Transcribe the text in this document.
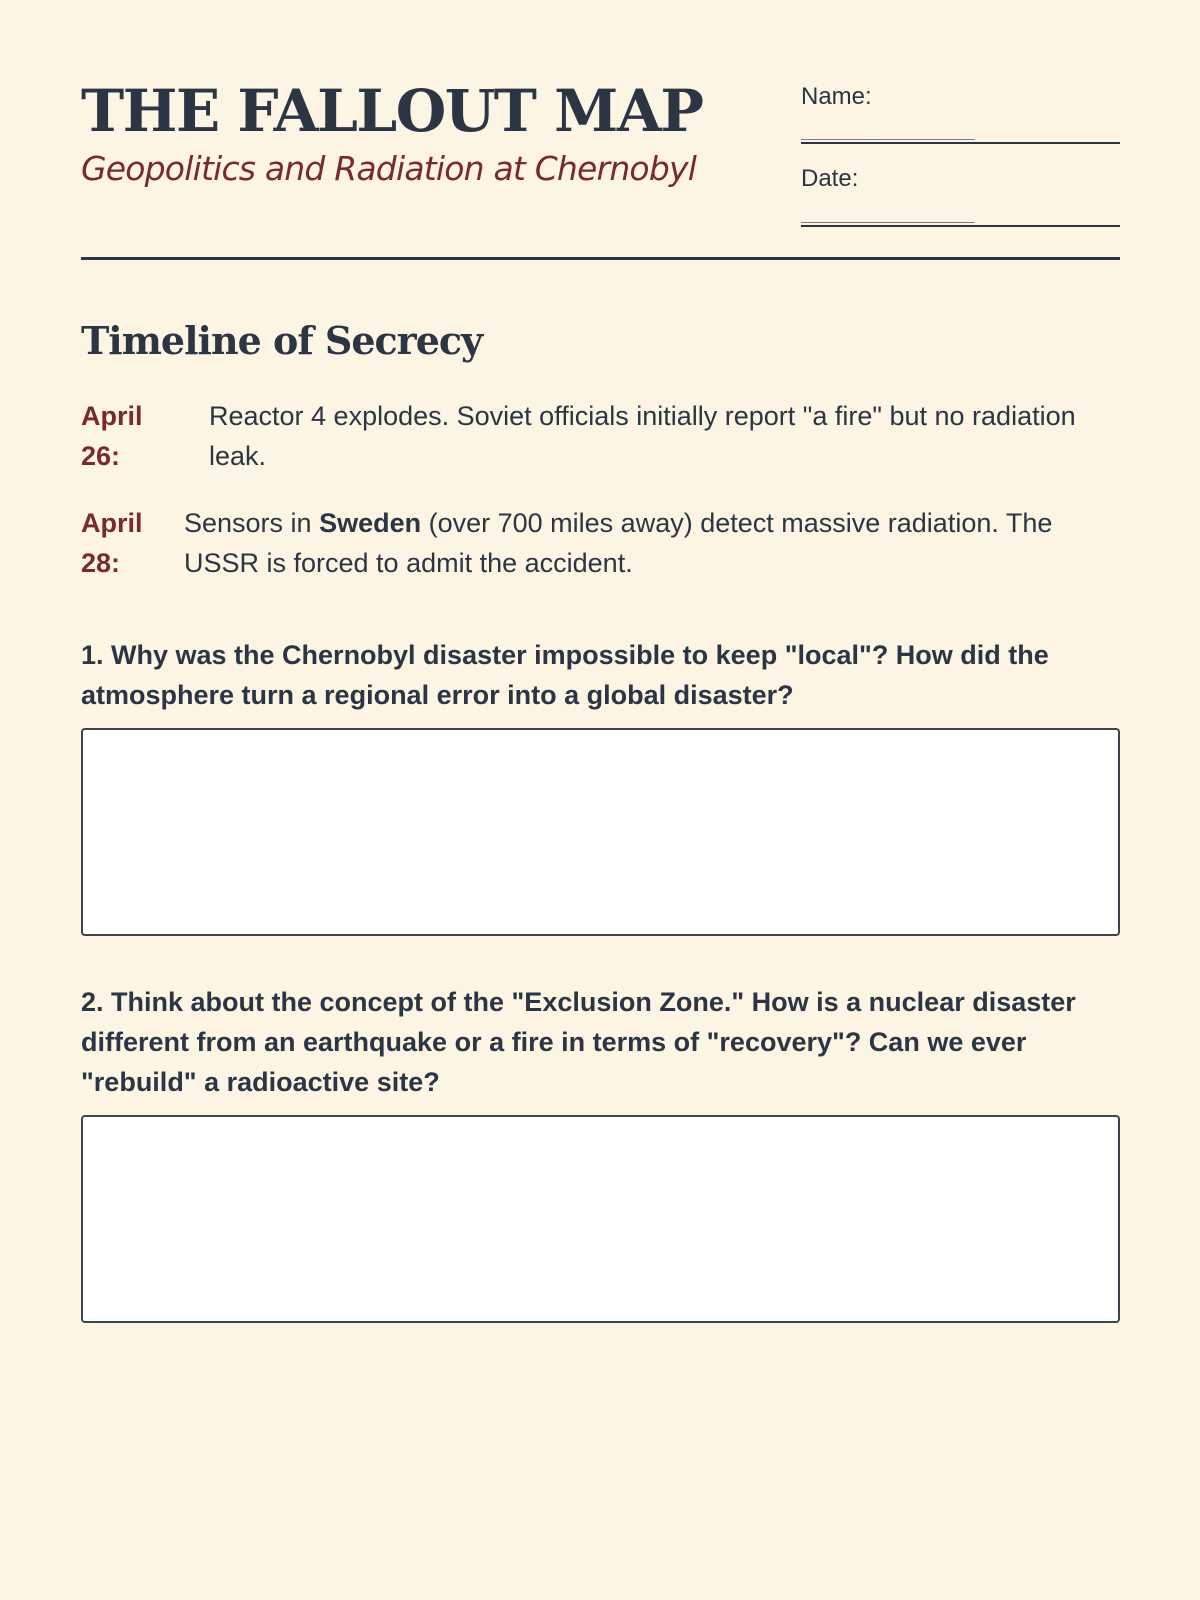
THE FALLOUT MAP
Geopolitics and Radiation at Chernobyl
Name:
____________________
Date:
____________________
Timeline of Secrecy
April
26:
Reactor 4 explodes. Soviet officials initially report "a fire" but no radiation leak.
April
28:
Sensors in Sweden (over 700 miles away) detect massive radiation. The USSR is forced to admit the accident.

1. Why was the Chernobyl disaster impossible to keep "local"? How did the atmosphere turn a regional error into a global disaster?

2. Think about the concept of the "Exclusion Zone." How is a nuclear disaster different from an earthquake or a fire in terms of "recovery"? Can we ever "rebuild" a radioactive site?
